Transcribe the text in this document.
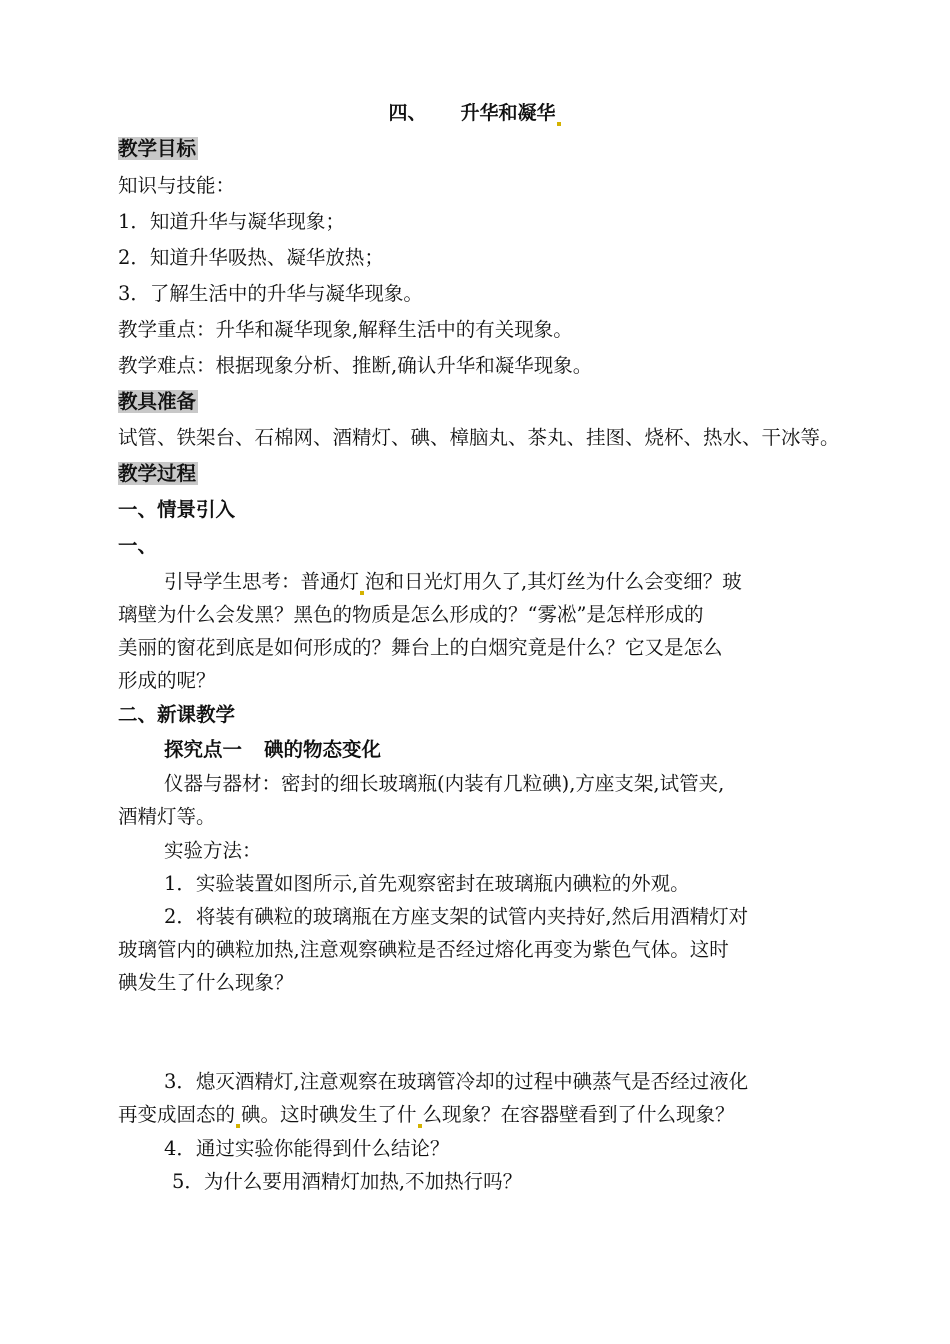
四、 升华和凝华
教学目标
知识与技能：
1．知道升华与凝华现象；
2．知道升华吸热、凝华放热；
3．了解生活中的升华与凝华现象。
教学重点：升华和凝华现象,解释生活中的有关现象。
教学难点：根据现象分析、推断,确认升华和凝华现象。
教具准备
试管、铁架台、石棉网、酒精灯、碘、樟脑丸、茶丸、挂图、烧杯、热水、干冰等。
教学过程
一、情景引入
一、
引导学生思考：普通灯 泡和日光灯用久了,其灯丝为什么会变细？玻
璃壁为什么会发黑？黑色的物质是怎么形成的？“雾凇”是怎样形成的
美丽的窗花到底是如何形成的？舞台上的白烟究竟是什么？它又是怎么
形成的呢？
二、新课教学
探究点一 碘的物态变化
仪器与器材：密封的细长玻璃瓶(内装有几粒碘),方座支架,试管夹,
酒精灯等。
实验方法：
1．实验装置如图所示,首先观察密封在玻璃瓶内碘粒的外观。
2．将装有碘粒的玻璃瓶在方座支架的试管内夹持好,然后用酒精灯对
玻璃管内的碘粒加热,注意观察碘粒是否经过熔化再变为紫色气体。这时
碘发生了什么现象？
3．熄灭酒精灯,注意观察在玻璃管冷却的过程中碘蒸气是否经过液化
再变成固态的 碘。这时碘发生了什 么现象？在容器壁看到了什么现象？
4．通过实验你能得到什么结论？
5．为什么要用酒精灯加热,不加热行吗？
